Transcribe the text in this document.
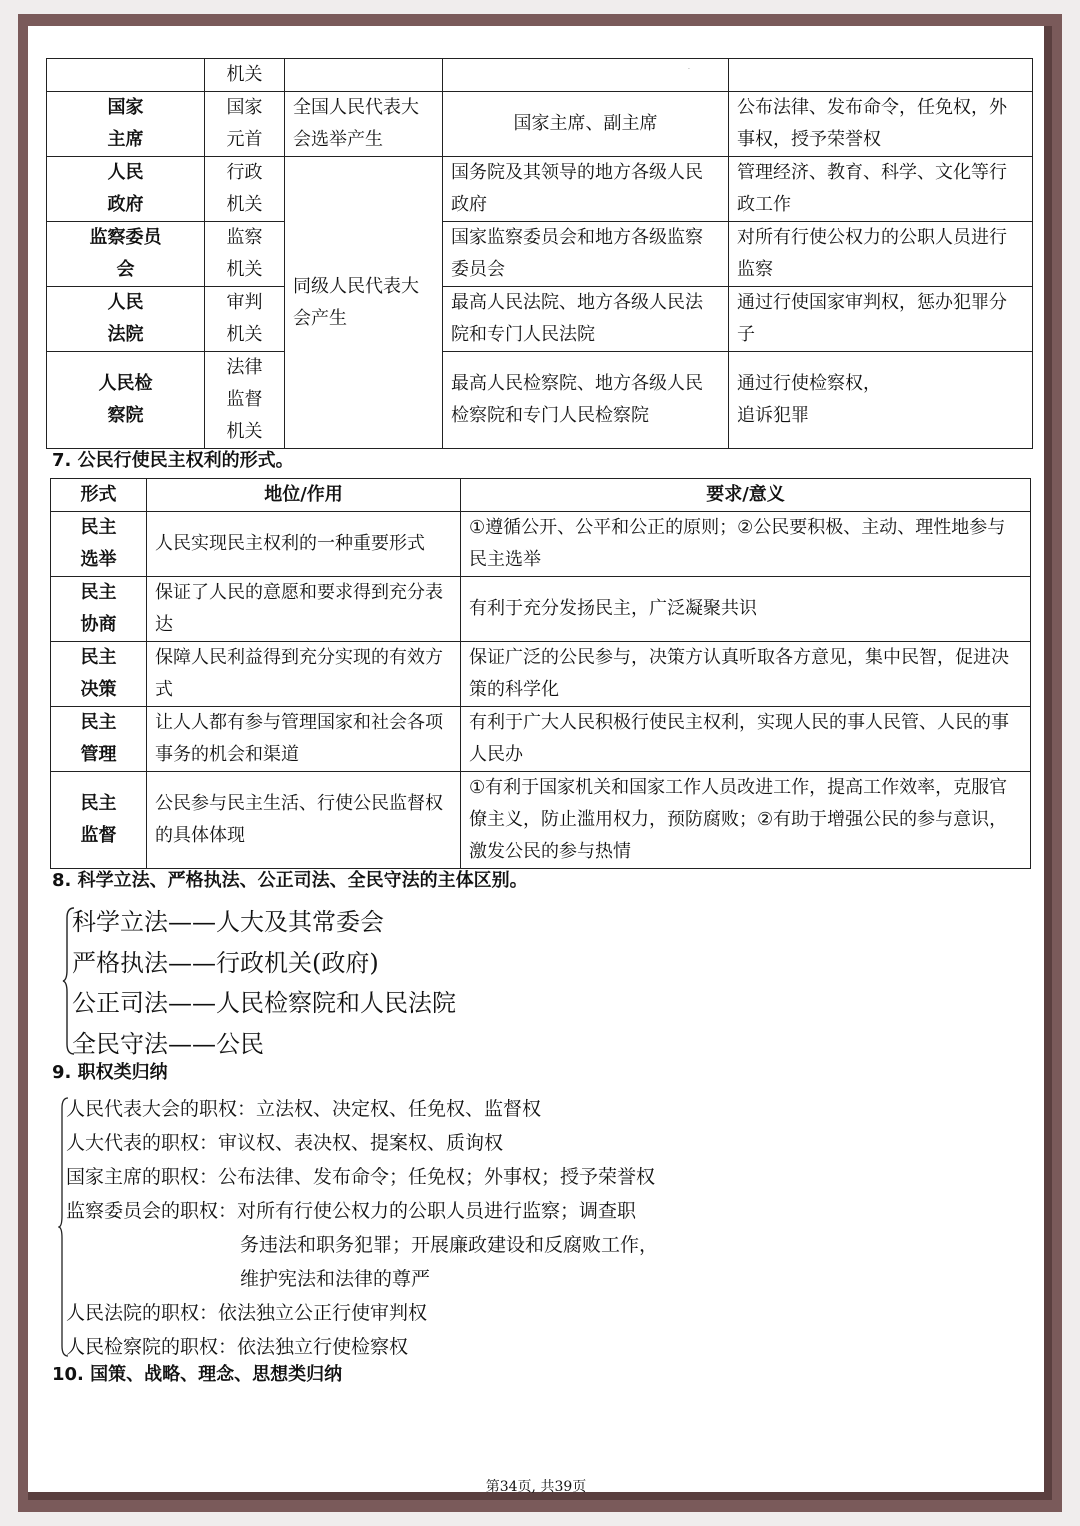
·
	机关			

国家主席	国家元首	全国人民代表大会选举产生	国家主席、副主席	公布法律、发布命令，任免权，外事权，授予荣誉权

人民政府	行政机关	同级人民代表大会产生	国务院及其领导的地方各级人民政府	管理经济、教育、科学、文化等行政工作

监察委员会	监察机关		国家监察委员会和地方各级监察委员会	对所有行使公权力的公职人员进行监察

人民法院	审判机关		最高人民法院、地方各级人民法院和专门人民法院	通过行使国家审判权，惩办犯罪分子

人民检察院	法律监督机关		最高人民检察院、地方各级人民检察院和专门人民检察院	通过行使检察权，追诉犯罪
7. 公民行使民主权利的形式。
形式	地位/作用	要求/意义

民主选举	人民实现民主权利的一种重要形式	①遵循公开、公平和公正的原则；②公民要积极、主动、理性地参与民主选举

民主协商	保证了人民的意愿和要求得到充分表达	有利于充分发扬民主，广泛凝聚共识

民主决策	保障人民利益得到充分实现的有效方式	保证广泛的公民参与，决策方认真听取各方意见，集中民智，促进决策的科学化

民主管理	让人人都有参与管理国家和社会各项事务的机会和渠道	有利于广大人民积极行使民主权利，实现人民的事人民管、人民的事人民办

民主监督	公民参与民主生活、行使公民监督权的具体体现	①有利于国家机关和国家工作人员改进工作，提高工作效率，克服官僚主义，防止滥用权力，预防腐败；②有助于增强公民的参与意识，激发公民的参与热情
8. 科学立法、严格执法、公正司法、全民守法的主体区别。
科学立法——人大及其常委会
严格执法——行政机关(政府)
公正司法——人民检察院和人民法院
全民守法——公民
9. 职权类归纳
人民代表大会的职权：立法权、决定权、任免权、监督权
人大代表的职权：审议权、表决权、提案权、质询权
国家主席的职权：公布法律、发布命令；任免权；外事权；授予荣誉权
监察委员会的职权：对所有行使公权力的公职人员进行监察；调查职
务违法和职务犯罪；开展廉政建设和反腐败工作，
维护宪法和法律的尊严
人民法院的职权：依法独立公正行使审判权
人民检察院的职权：依法独立行使检察权
10. 国策、战略、理念、思想类归纳
第34页, 共39页
